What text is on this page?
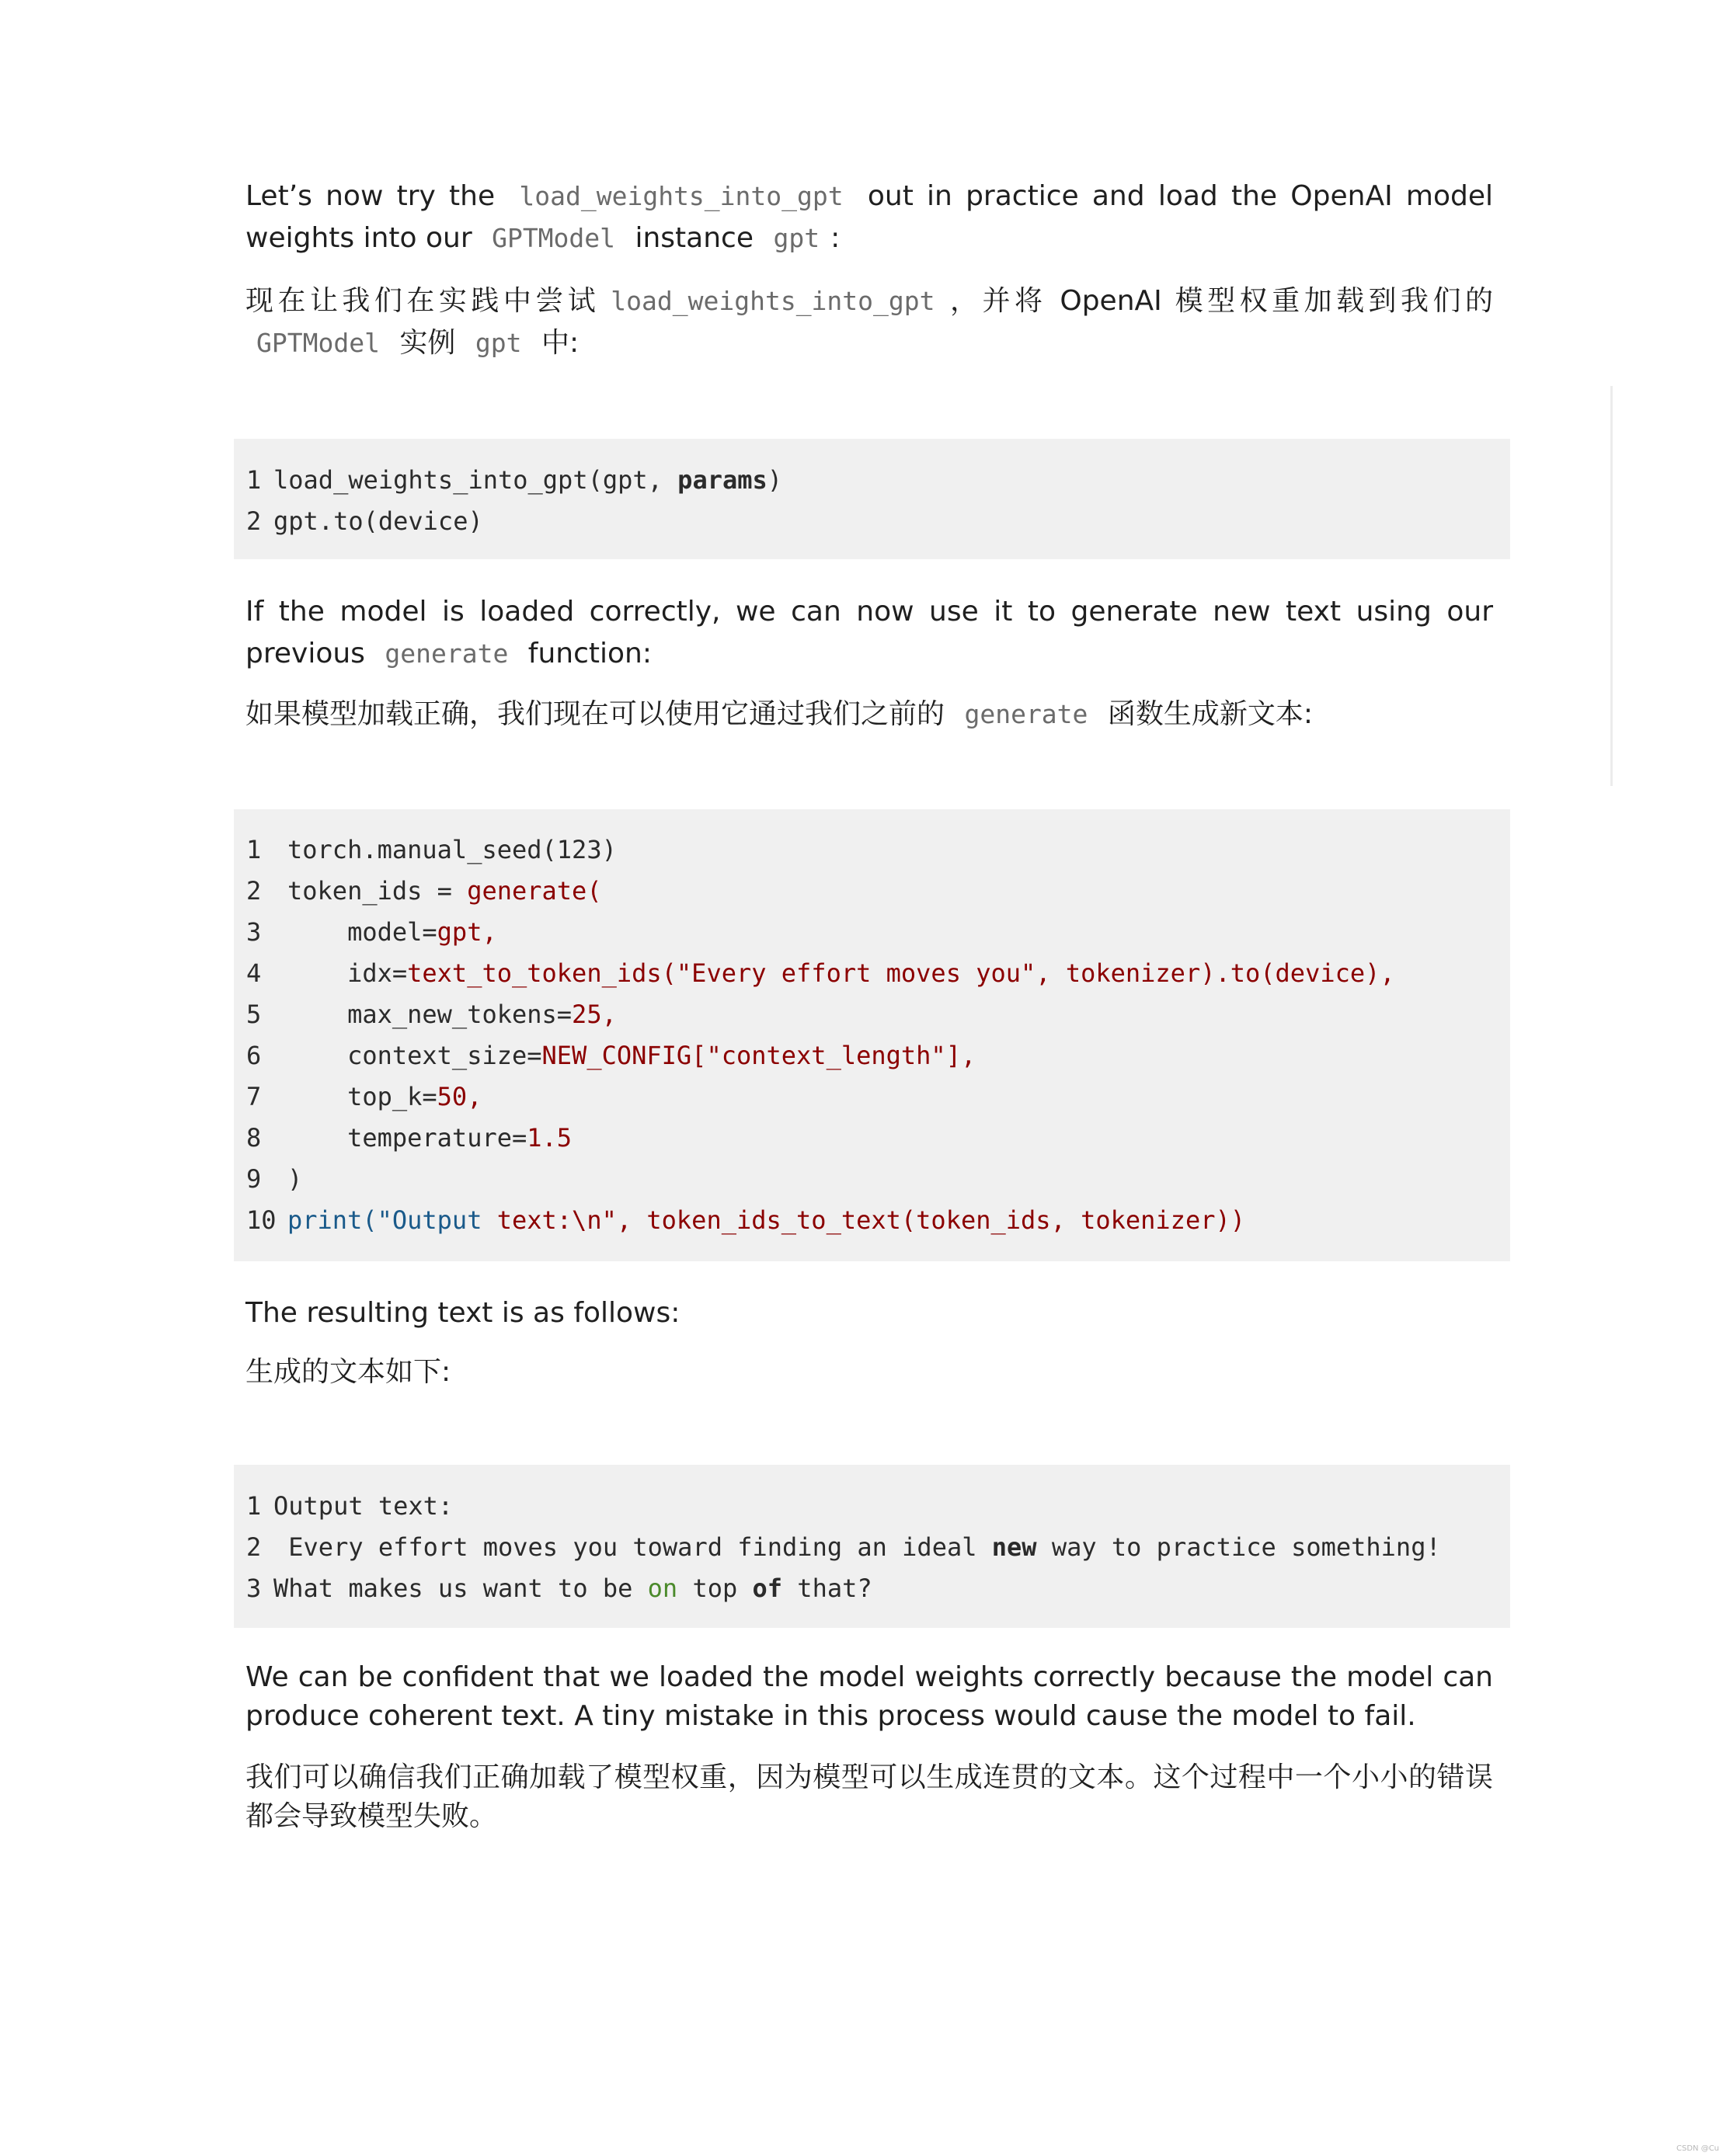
Let’s now try the load_weights_into_gpt out in practice and load the OpenAI model weights into our GPTModel instance gpt :

现在让我们在实践中尝试 load_weights_into_gpt ，并将 OpenAI 模型权重加载到我们的 GPTModel 实例 gpt 中:

1 load_weights_into_gpt(gpt, params)
2 gpt.to(device)

If the model is loaded correctly, we can now use it to generate new text using our previous generate function:

如果模型加载正确，我们现在可以使用它通过我们之前的 generate 函数生成新文本:

1 torch.manual_seed(123)
2 token_ids = generate(
3    model=gpt,
4    idx=text_to_token_ids("Every effort moves you", tokenizer).to(device),
5    max_new_tokens=25,
6    context_size=NEW_CONFIG["context_length"],
7    top_k=50,
8    temperature=1.5
9 )
10 print("Output text:\n", token_ids_to_text(token_ids, tokenizer))

The resulting text is as follows:

生成的文本如下:

1 Output text:
2 Every effort moves you toward finding an ideal new way to practice something!
3 What makes us want to be on top of that?

We can be confident that we loaded the model weights correctly because the model can produce coherent text. A tiny mistake in this process would cause the model to fail.

我们可以确信我们正确加载了模型权重，因为模型可以生成连贯的文本。这个过程中一个小小的错误都会导致模型失败。

CSDN @Cu
